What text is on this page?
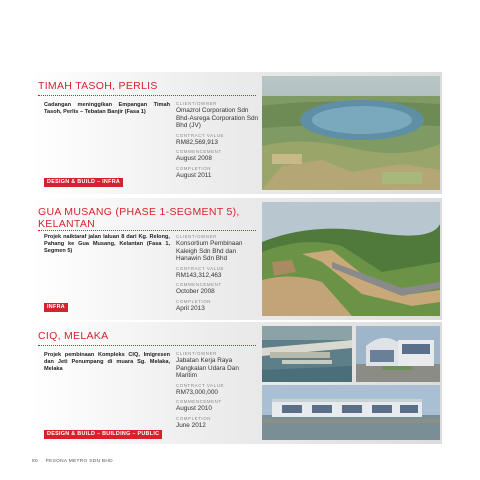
TIMAH TASOH, PERLIS
Cadangan meninggikan Empangan Timah Tasoh, Perlis – Tebatan Banjir (Fasa 1)
CLIENT/OWNER
Omazrol Corporation Sdn Bhd-Asrega Corporation Sdn Bhd (JV)
CONTRACT VALUE
RM82,569,913
COMMENCEMENT
August 2008
COMPLETION
August 2011
DESIGN & BUILD – INFRA
GUA MUSANG (PHASE 1-SEGMENT 5), KELANTAN
Projek naiktaraf jalan laluan 8 dari Kg. Relong, Pahang ke Gua Musang, Kelantan (Fasa 1, Segmen 5)
CLIENT/OWNER
Konsortium Pembinaan Kaleigh Sdn Bhd dan Hanawin Sdn Bhd
CONTRACT VALUE
RM143,312,463
COMMENCEMENT
October 2008
COMPLETION
April 2013
INFRA
CIQ, MELAKA
Projek pembinaan Kompleks CIQ, Imigresen dan Jeti Penumpang di muara Sg. Melaka, Melaka
CLIENT/OWNER
Jabatan Kerja Raya Pangkalan Udara Dan Maritim
CONTRACT VALUE
RM73,000,000
COMMENCEMENT
August 2010
COMPLETION
June 2012
DESIGN & BUILD – BUILDING – PUBLIC
80 PESONA METRO SDN BHD
